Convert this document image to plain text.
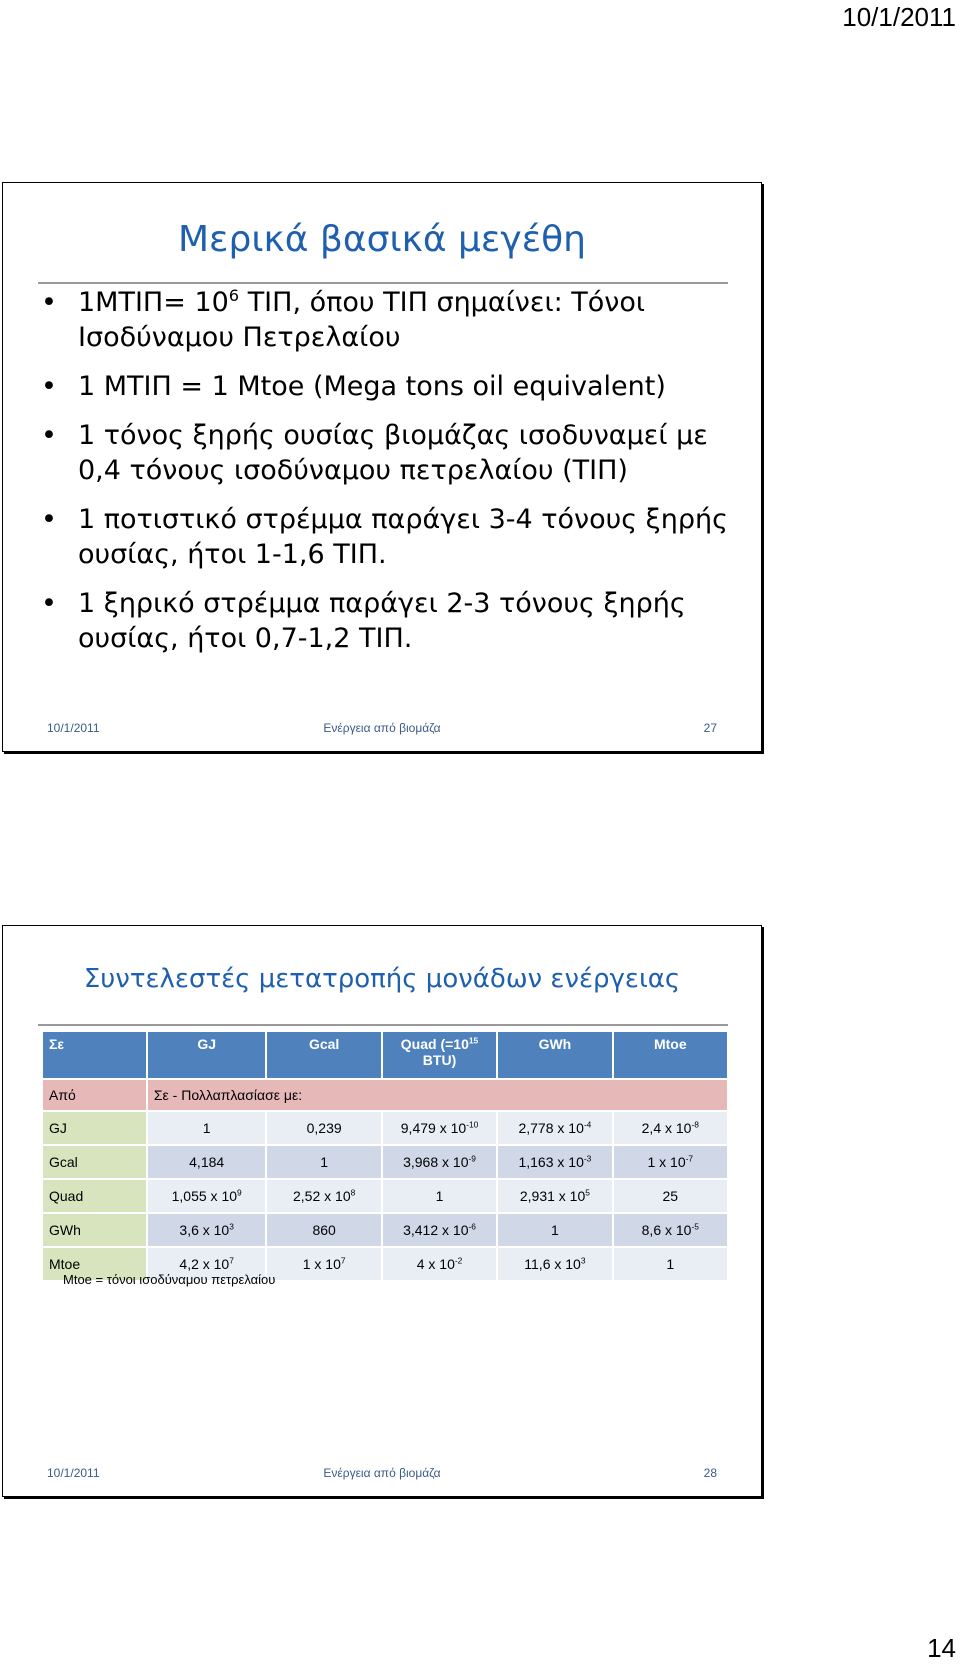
10/1/2011
Μερικά βασικά μεγέθη
• $1MTI\Pi= 10^6$ ΤΙΠ, όπου ΤΙΠ σημαίνει: Τόνοι Ισοδύναμου Πετρελαίου
• 1 ΜΤΙΠ = 1 Mtoe (Mega tons oil equivalent)
• 1 τόνος ξηρής ουσίας βιομάζας ισοδυναμεί με 0,4 τόνους ισοδύναμου πετρελαίου (ΤΙΠ)
• 1 ποτιστικό στρέμμα παράγει 3-4 τόνους ξηρής ουσίας, ήτοι 1-1,6 ΤΙΠ.
• 1 ξηρικό στρέμμα παράγει 2-3 τόνους ξηρής ουσίας, ήτοι 0,7-1,2 ΤΙΠ.
Ενέργεια από βιομάζα
10/1/2011	27
Συντελεστές μετατροπής μονάδων ενέργειας
Σε	GJ	Gcal	Quad ($=10^{15}$
BTU)	GWh	Mtoe
Από	Σε - Πολλαπλασίασε με:				
GJ	1	0,239	9,479 x $10^{-10}$	2,778 x $10^{-4}$	2,4 x $10^{-8}$
Gcal	4,184	1	3,968 x $10^{-9}$	1,163 x $10^{-3}$	1 x $10^{-7}$
Quad	1,055 x $10^9$	2,52 x $10^8$	1	2,931 x $10^5$	25
GWh	3,6 x $10^3$	860	3,412 x $10^{-6}$	1	8,6 x $10^{-5}$
Mtoe	4,2 x $10^7$	1 x $10^7$	4 x $10^{-2}$	11,6 x $10^3$	1
Mtoe = τόνοι ισοδύναμου πετρελαίου
Ενέργεια από βιομάζα
10/1/2011	28
14
